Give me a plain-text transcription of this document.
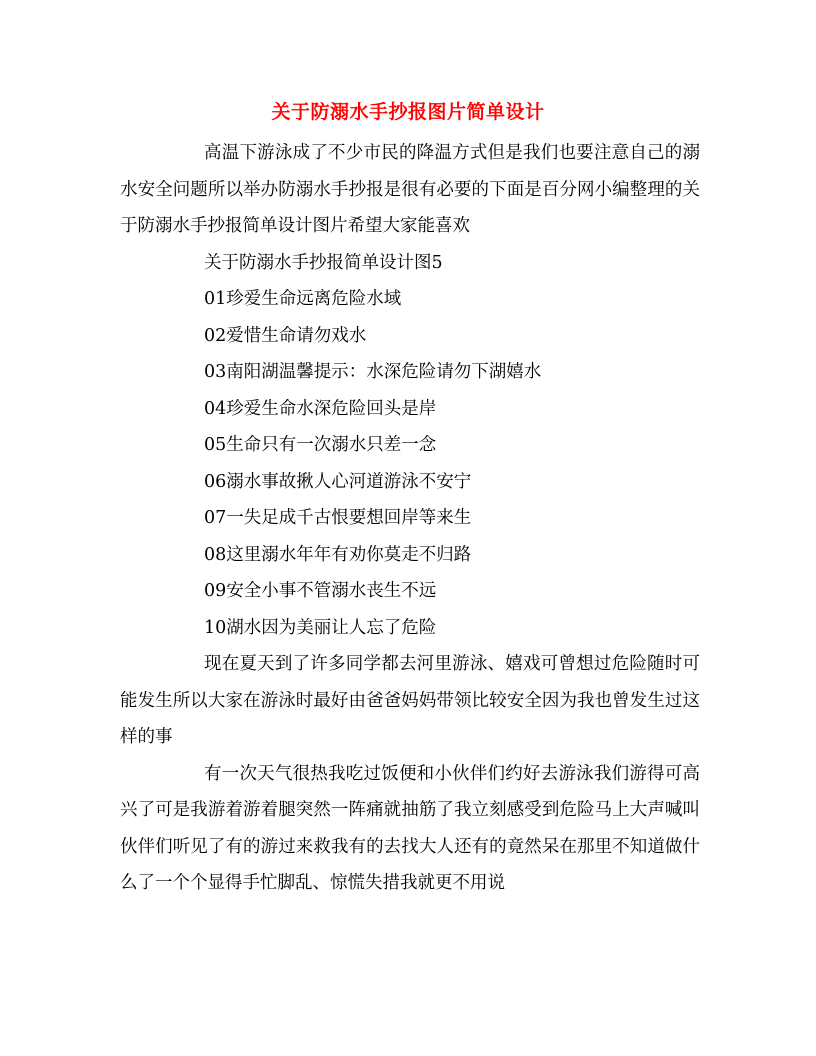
关于防溺水手抄报图片简单设计

高温下游泳成了不少市民的降温方式但是我们也要注意自己的溺水安全问题所以举办防溺水手抄报是很有必要的下面是百分网小编整理的关于防溺水手抄报简单设计图片希望大家能喜欢

关于防溺水手抄报简单设计图5

01珍爱生命远离危险水域

02爱惜生命请勿戏水

03南阳湖温馨提示：水深危险请勿下湖嬉水

04珍爱生命水深危险回头是岸

05生命只有一次溺水只差一念

06溺水事故揪人心河道游泳不安宁

07一失足成千古恨要想回岸等来生

08这里溺水年年有劝你莫走不归路

09安全小事不管溺水丧生不远

10湖水因为美丽让人忘了危险

现在夏天到了许多同学都去河里游泳、嬉戏可曾想过危险随时可能发生所以大家在游泳时最好由爸爸妈妈带领比较安全因为我也曾发生过这样的事

有一次天气很热我吃过饭便和小伙伴们约好去游泳我们游得可高兴了可是我游着游着腿突然一阵痛就抽筋了我立刻感受到危险马上大声喊叫伙伴们听见了有的游过来救我有的去找大人还有的竟然呆在那里不知道做什么了一个个显得手忙脚乱、惊慌失措我就更不用说
